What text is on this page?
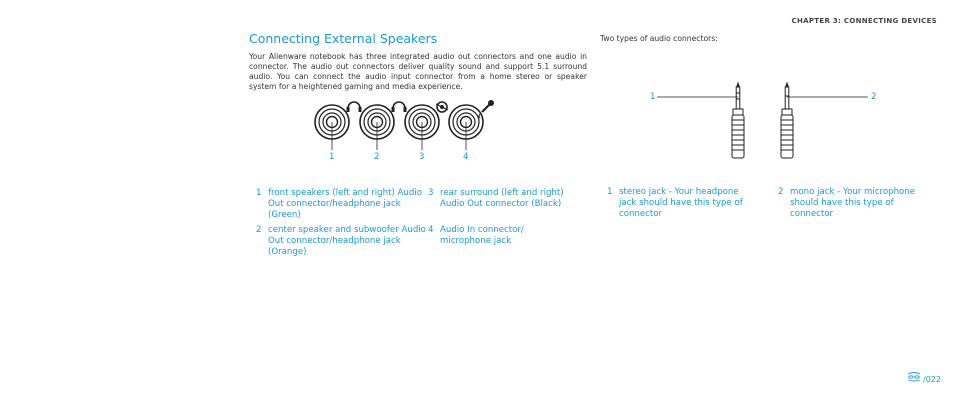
CHAPTER 3: CONNECTING DEVICES
Connecting External Speakers
Your Alienware notebook has three integrated audio out connectors and one audio in connector. The audio out connectors deliver quality sound and support 5.1 surround audio. You can connect the audio input connector from a home stereo or speaker system for a heightened gaming and media experience.
1	2	3	4
1 front speakers (left and right) Audio Out connector/headphone jack (Green)
2 center speaker and subwoofer Audio Out connector/headphone jack (Orange)
3 rear surround (left and right) Audio Out connector (Black)
4 Audio In connector/ microphone jack
Two types of audio connectors:
1	2
1 stereo jack - Your headpone jack should have this type of connector
2 mono jack - Your microphone should have this type of connector
/022
